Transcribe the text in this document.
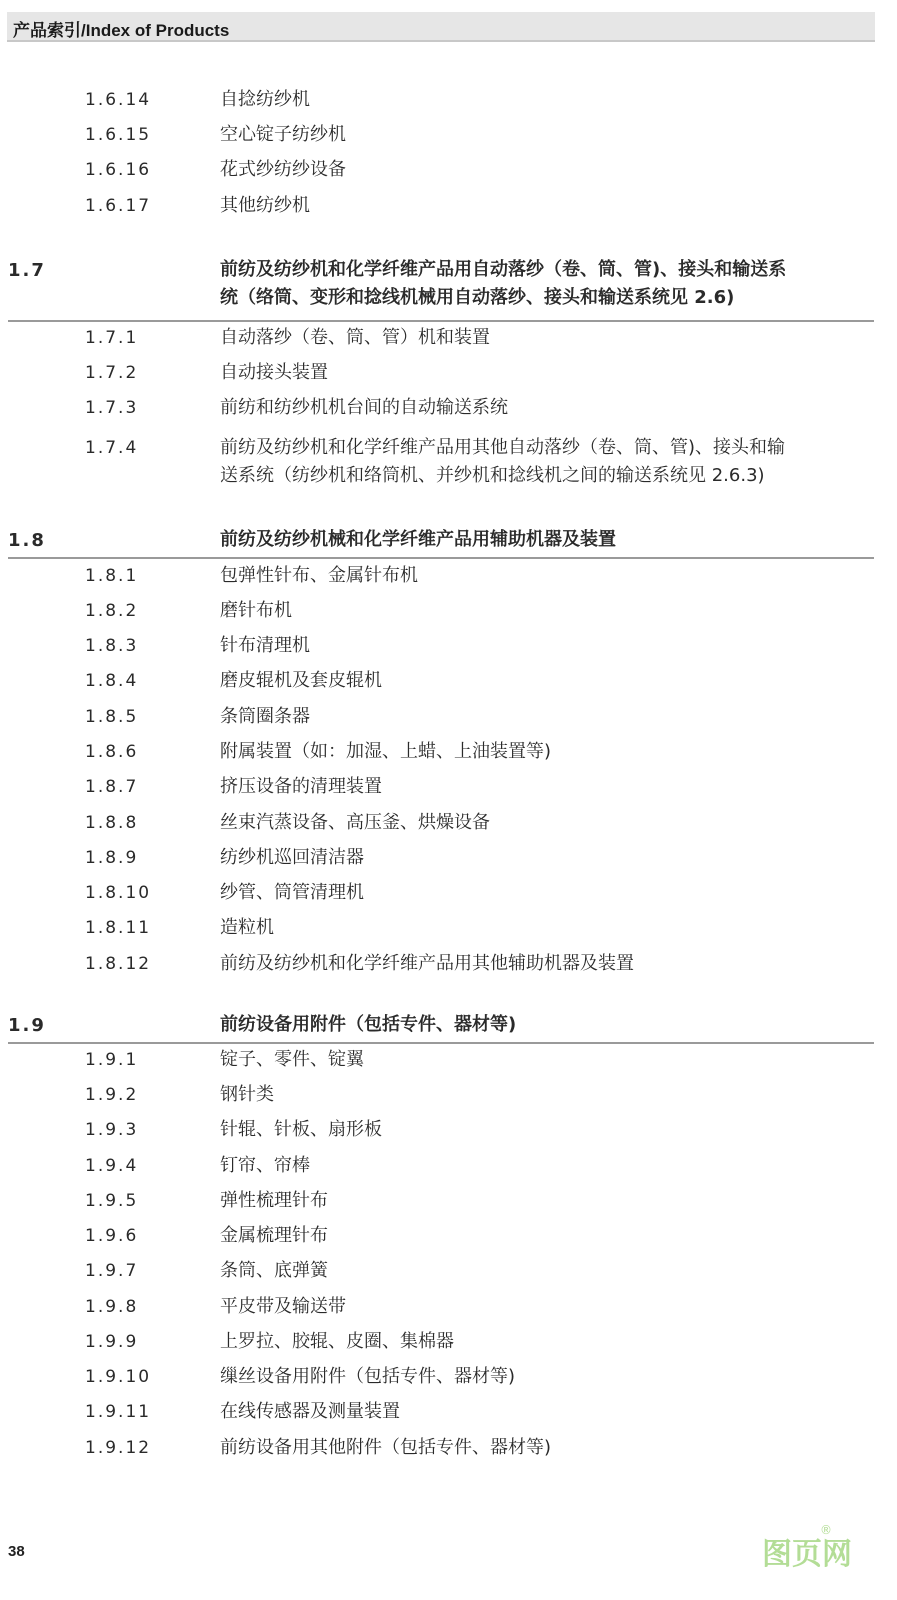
产品索引/Index of Products
1.6.14	自捻纺纱机
1.6.15	空心锭子纺纱机
1.6.16	花式纱纺纱设备
1.6.17	其他纺纱机
1.7	前纺及纺纱机和化学纤维产品用自动落纱（卷、筒、管)、接头和输送系
统（络筒、变形和捻线机械用自动落纱、接头和输送系统见 2.6)
1.7.1	自动落纱（卷、筒、管）机和装置
1.7.2	自动接头装置
1.7.3	前纺和纺纱机机台间的自动输送系统
1.7.4	前纺及纺纱机和化学纤维产品用其他自动落纱（卷、筒、管)、接头和输
送系统（纺纱机和络筒机、并纱机和捻线机之间的输送系统见 2.6.3)
1.8	前纺及纺纱机械和化学纤维产品用辅助机器及装置
1.8.1	包弹性针布、金属针布机
1.8.2	磨针布机
1.8.3	针布清理机
1.8.4	磨皮辊机及套皮辊机
1.8.5	条筒圈条器
1.8.6	附属装置（如：加湿、上蜡、上油装置等)
1.8.7	挤压设备的清理装置
1.8.8	丝束汽蒸设备、高压釜、烘燥设备
1.8.9	纺纱机巡回清洁器
1.8.10	纱管、筒管清理机
1.8.11	造粒机
1.8.12	前纺及纺纱机和化学纤维产品用其他辅助机器及装置
1.9	前纺设备用附件（包括专件、器材等)
1.9.1	锭子、零件、锭翼
1.9.2	钢针类
1.9.3	针辊、针板、扇形板
1.9.4	钉帘、帘棒
1.9.5	弹性梳理针布
1.9.6	金属梳理针布
1.9.7	条筒、底弹簧
1.9.8	平皮带及输送带
1.9.9	上罗拉、胶辊、皮圈、集棉器
1.9.10	缫丝设备用附件（包括专件、器材等)
1.9.11	在线传感器及测量装置
1.9.12	前纺设备用其他附件（包括专件、器材等)
38	图页网
®
